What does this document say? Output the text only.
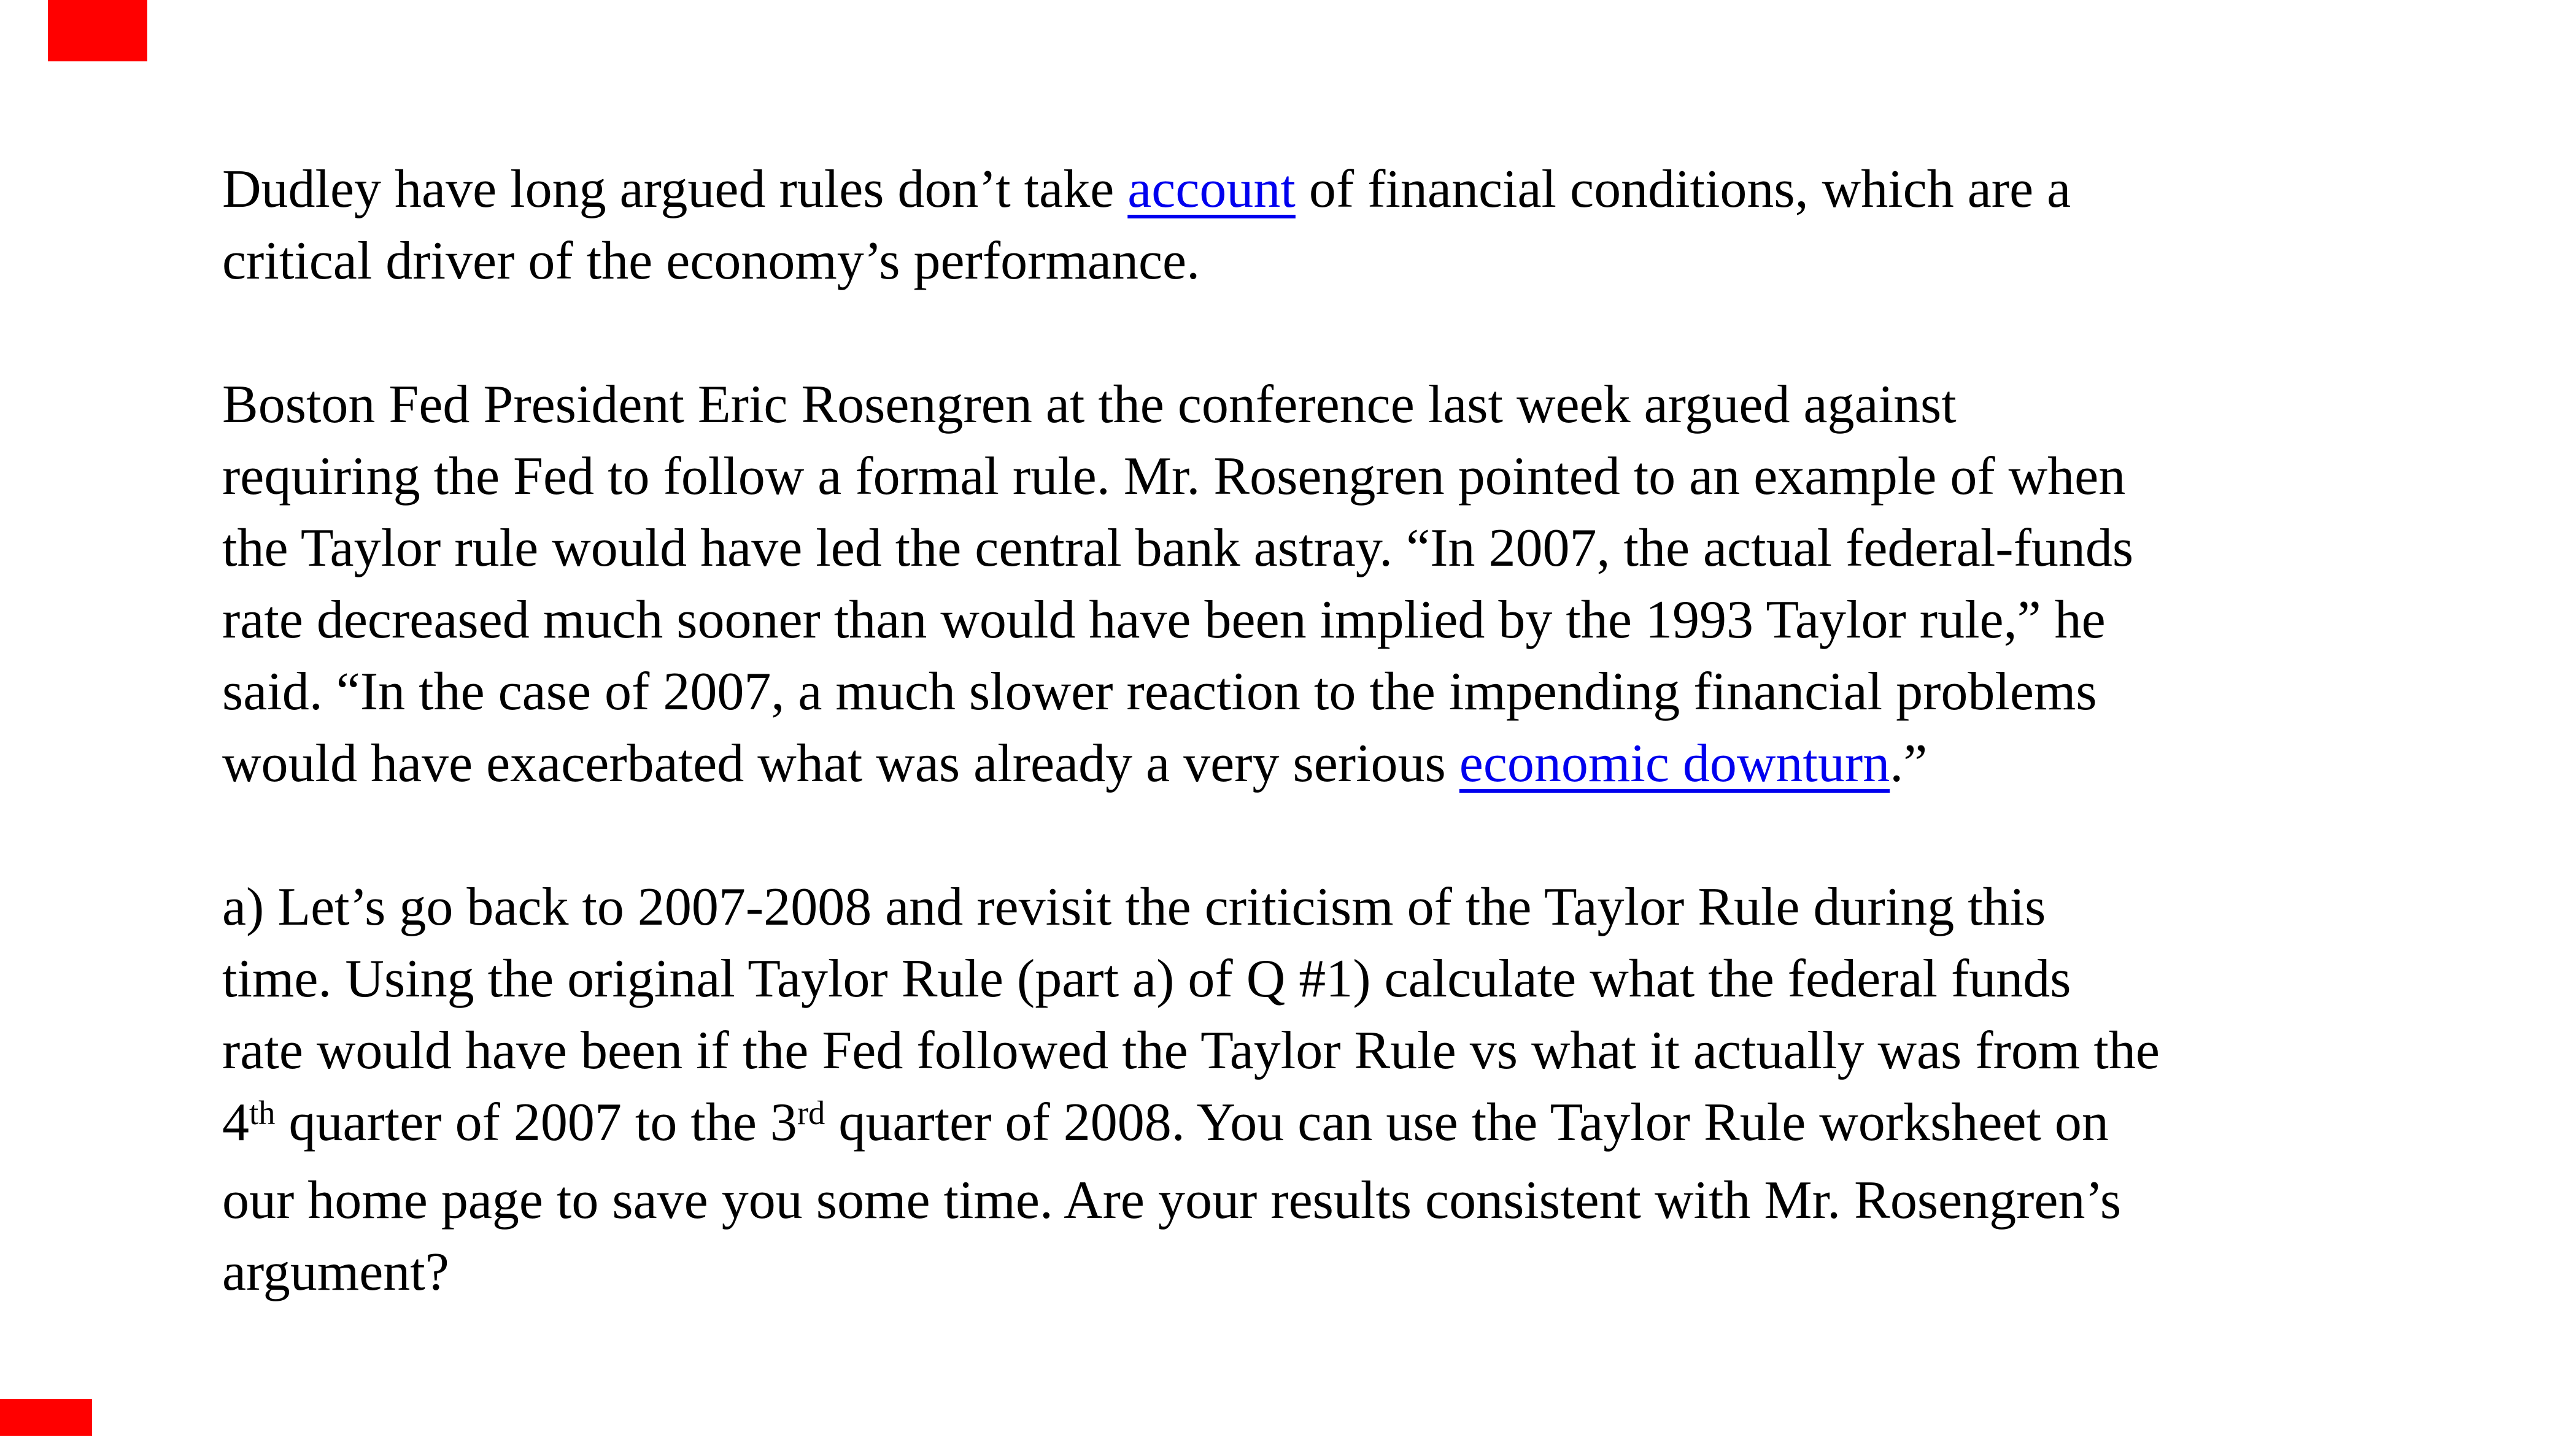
Dudley have long argued rules don’t take account of financial conditions, which are a
critical driver of the economy’s performance.
Boston Fed President Eric Rosengren at the conference last week argued against
requiring the Fed to follow a formal rule. Mr. Rosengren pointed to an example of when
the Taylor rule would have led the central bank astray. “In 2007, the actual federal-funds
rate decreased much sooner than would have been implied by the 1993 Taylor rule,” he
said. “In the case of 2007, a much slower reaction to the impending financial problems
would have exacerbated what was already a very serious economic downturn.”
a) Let’s go back to 2007-2008 and revisit the criticism of the Taylor Rule during this
time. Using the original Taylor Rule (part a) of Q #1) calculate what the federal funds
rate would have been if the Fed followed the Taylor Rule vs what it actually was from the
4th quarter of 2007 to the 3rd quarter of 2008. You can use the Taylor Rule worksheet on
our home page to save you some time. Are your results consistent with Mr. Rosengren’s
argument?
